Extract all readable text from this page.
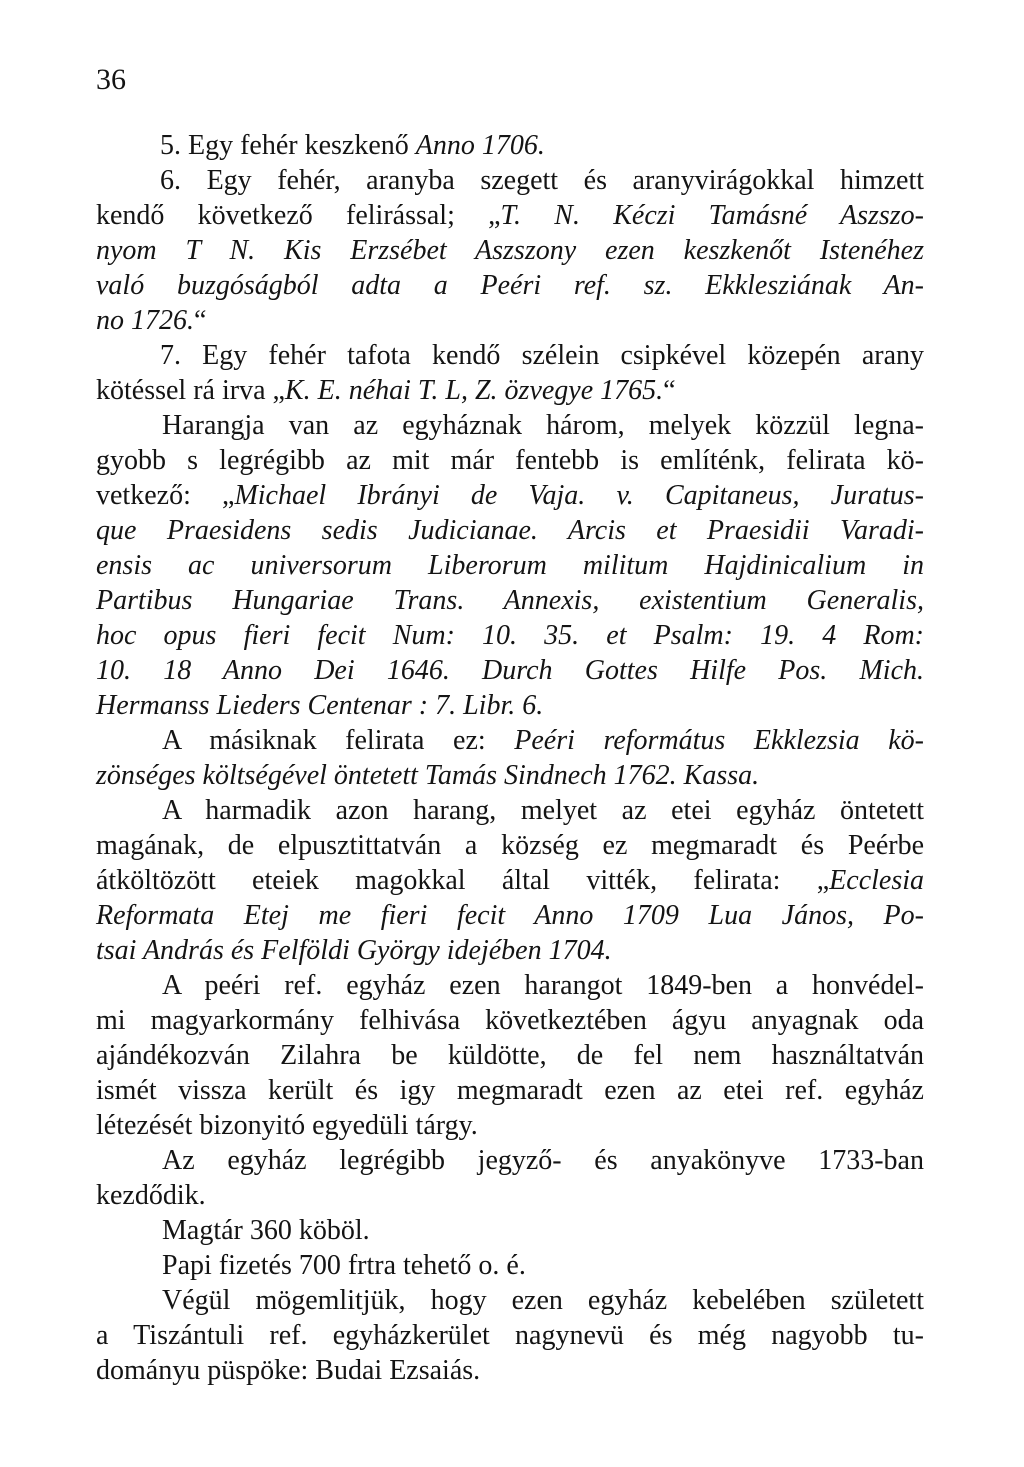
36
5. Egy fehér keszkenő Anno 1706.
6. Egy fehér, aranyba szegett és aranyvirágokkal himzett
kendő következő felirással; „T. N. Kéczi Tamásné Aszszo-
nyom T N. Kis Erzsébet Aszszony ezen keszkenőt Istenéhez
való buzgóságból adta a Peéri ref. sz. Ekklesziának An-
no 1726.“
7. Egy fehér tafota kendő szélein csipkével közepén arany
kötéssel rá irva „K. E. néhai T. L, Z. özvegye 1765.“
Harangja van az egyháznak három, melyek közzül legna-
gyobb s legrégibb az mit már fentebb is említénk, felirata kö-
vetkező: „Michael Ibrányi de Vaja. v. Capitaneus, Juratus-
que Praesidens sedis Judicianae. Arcis et Praesidii Varadi-
ensis ac universorum Liberorum militum Hajdinicalium in
Partibus Hungariae Trans. Annexis, existentium Generalis,
hoc opus fieri fecit Num: 10. 35. et Psalm: 19. 4 Rom:
10. 18 Anno Dei 1646. Durch Gottes Hilfe Pos. Mich.
Hermanss Lieders Centenar : 7. Libr. 6.
A másiknak felirata ez: Peéri református Ekklezsia kö-
zönséges költségével öntetett Tamás Sindnech 1762. Kassa.
A harmadik azon harang, melyet az etei egyház öntetett
magának, de elpusztittatván a község ez megmaradt és Peérbe
átköltözött eteiek magokkal által vitték, felirata: „Ecclesia
Reformata Etej me fieri fecit Anno 1709 Lua János, Po-
tsai András és Felföldi György idejében 1704.
A peéri ref. egyház ezen harangot 1849-ben a honvédel-
mi magyarkormány felhivása következtében ágyu anyagnak oda
ajándékozván Zilahra be küldötte, de fel nem használtatván
ismét vissza került és igy megmaradt ezen az etei ref. egyház
létezését bizonyitó egyedüli tárgy.
Az egyház legrégibb jegyző- és anyakönyve 1733-ban
kezdődik.
Magtár 360 köböl.
Papi fizetés 700 frtra tehető o. é.
Végül mögemlitjük, hogy ezen egyház kebelében született
a Tiszántuli ref. egyházkerület nagynevü és még nagyobb tu-
dományu püspöke: Budai Ezsaiás.
